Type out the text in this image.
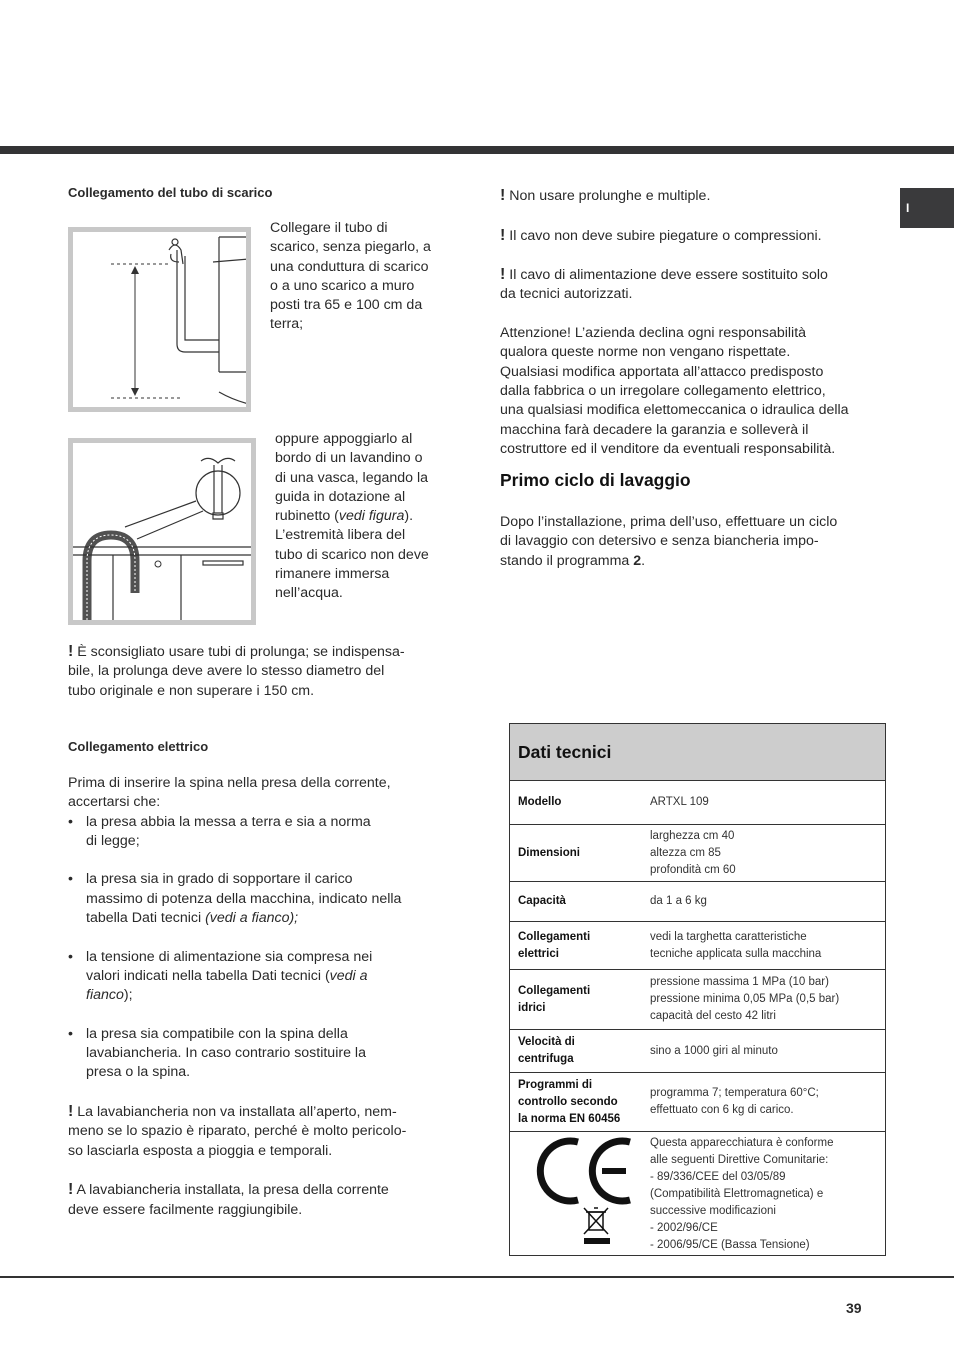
I
39
Collegamento del tubo di scarico
Collegare il tubo di
scarico, senza piegarlo, a
una conduttura di scarico
o a uno scarico a muro
posti tra 65 e 100 cm da
terra;
oppure appoggiarlo al
bordo di un lavandino o
di una vasca, legando la
guida in dotazione al
rubinetto (vedi figura).
L’estremità libera del
tubo di scarico non deve
rimanere immersa
nell’acqua.
! È sconsigliato usare tubi di prolunga; se indispensa-
bile, la prolunga deve avere lo stesso diametro del
tubo originale e non superare i 150 cm.
Collegamento elettrico
Prima di inserire la spina nella presa della corrente,
accertarsi che:
• la presa abbia la messa a terra e sia a norma
di legge;
• la presa sia in grado di sopportare il carico
massimo di potenza della macchina, indicato nella
tabella Dati tecnici (vedi a fianco);
• la tensione di alimentazione sia compresa nei
valori indicati nella tabella Dati tecnici (vedi a
fianco);
• la presa sia compatibile con la spina della
lavabiancheria. In caso contrario sostituire la
presa o la spina.
! La lavabiancheria non va installata all’aperto, nem-
meno se lo spazio è riparato, perché è molto pericolo-
so lasciarla esposta a pioggia e temporali.
! A lavabiancheria installata, la presa della corrente
deve essere facilmente raggiungibile.
! Non usare prolunghe e multiple.
! Il cavo non deve subire piegature o compressioni.
! Il cavo di alimentazione deve essere sostituito solo
da tecnici autorizzati.
Attenzione! L’azienda declina ogni responsabilità
qualora queste norme non vengano rispettate.
Qualsiasi modifica apportata all’attacco predisposto
dalla fabbrica o un irregolare collegamento elettrico,
una qualsiasi modifica elettomeccanica o idraulica della
macchina farà decadere la garanzia e solleverà il
costruttore ed il venditore da eventuali responsabilità.
Primo ciclo di lavaggio
Dopo l’installazione, prima dell’uso, effettuare un ciclo
di lavaggio con detersivo e senza biancheria impo-
stando il programma 2.
Dati tecnici
Modello	ARTXL 109
Dimensioni
larghezza cm 40
altezza cm 85
profondità cm 60
Capacità	da 1 a 6 kg
Collegamenti
elettrici
vedi la targhetta caratteristiche
tecniche applicata sulla macchina
Collegamenti
idrici
pressione massima 1 MPa (10 bar)
pressione minima 0,05 MPa (0,5 bar)
capacità del cesto 42 litri
Velocità di
centrifuga
sino a 1000 giri al minuto
Programmi di
controllo secondo
la norma EN 60456
programma 7; temperatura 60°C;
effettuato con 6 kg di carico.
Questa apparecchiatura è conforme
alle seguenti Direttive Comunitarie:
- 89/336/CEE del 03/05/89
(Compatibilità Elettromagnetica) e
successive modificazioni
- 2002/96/CE
- 2006/95/CE (Bassa Tensione)
